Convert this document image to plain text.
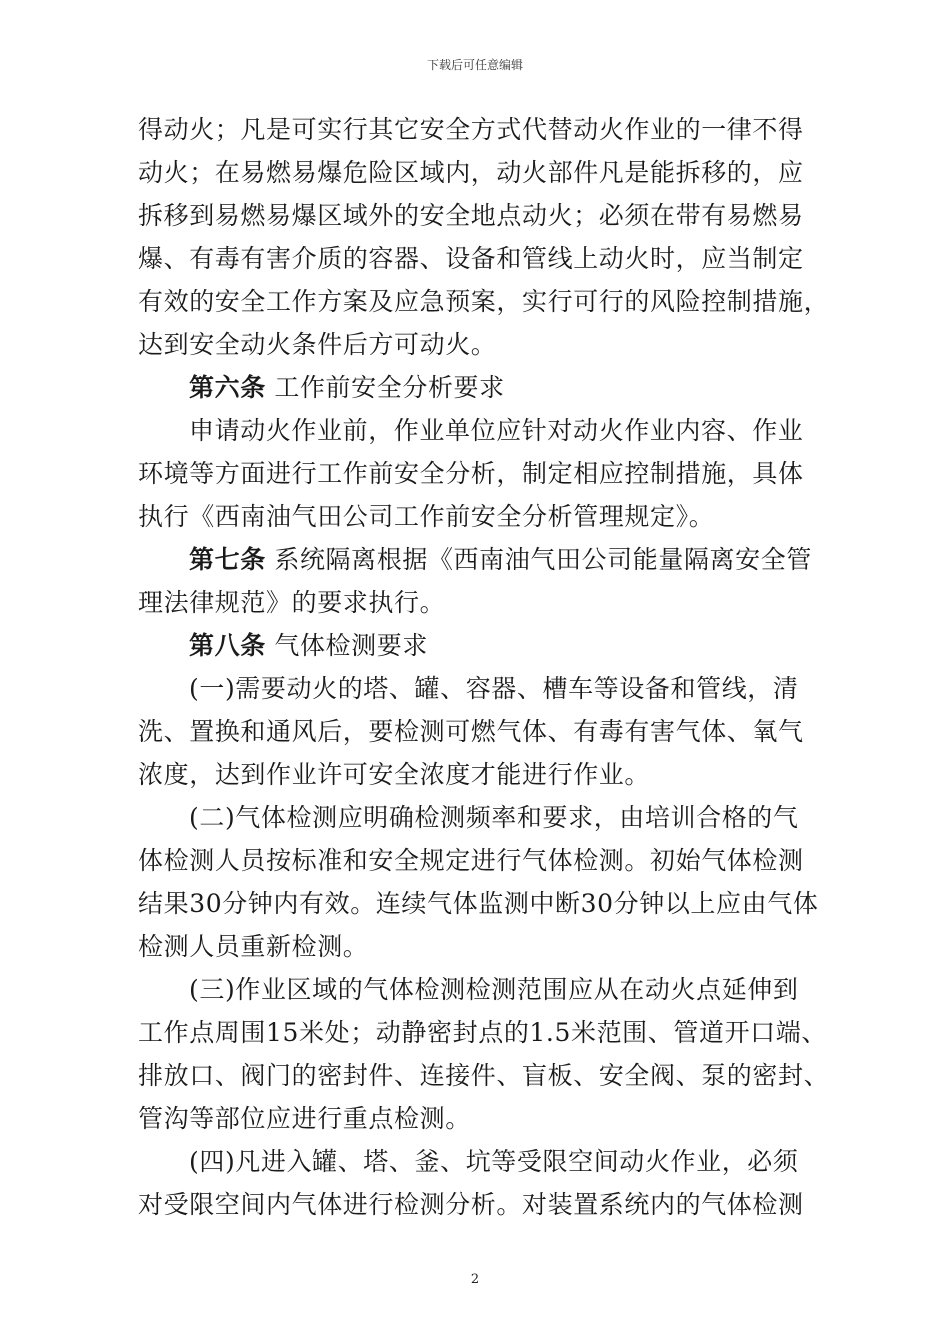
下载后可任意编辑

得动火；凡是可实行其它安全方式代替动火作业的一律不得
动火；在易燃易爆危险区域内，动火部件凡是能拆移的，应
拆移到易燃易爆区域外的安全地点动火；必须在带有易燃易
爆、有毒有害介质的容器、设备和管线上动火时，应当制定
有效的安全工作方案及应急预案，实行可行的风险控制措施，
达到安全动火条件后方可动火。

第六条 工作前安全分析要求

申请动火作业前，作业单位应针对动火作业内容、作业
环境等方面进行工作前安全分析，制定相应控制措施，具体
执行《西南油气田公司工作前安全分析管理规定》。

第七条 系统隔离根据《西南油气田公司能量隔离安全管
理法律规范》的要求执行。

第八条 气体检测要求

(一)需要动火的塔、罐、容器、槽车等设备和管线，清
洗、置换和通风后，要检测可燃气体、有毒有害气体、氧气
浓度，达到作业许可安全浓度才能进行作业。

(二)气体检测应明确检测频率和要求，由培训合格的气
体检测人员按标准和安全规定进行气体检测。初始气体检测
结果30分钟内有效。连续气体监测中断30分钟以上应由气体
检测人员重新检测。

(三)作业区域的气体检测检测范围应从在动火点延伸到
工作点周围15米处；动静密封点的1.5米范围、管道开口端、
排放口、阀门的密封件、连接件、盲板、安全阀、泵的密封、
管沟等部位应进行重点检测。

(四)凡进入罐、塔、釜、坑等受限空间动火作业，必须
对受限空间内气体进行检测分析。对装置系统内的气体检测

2
